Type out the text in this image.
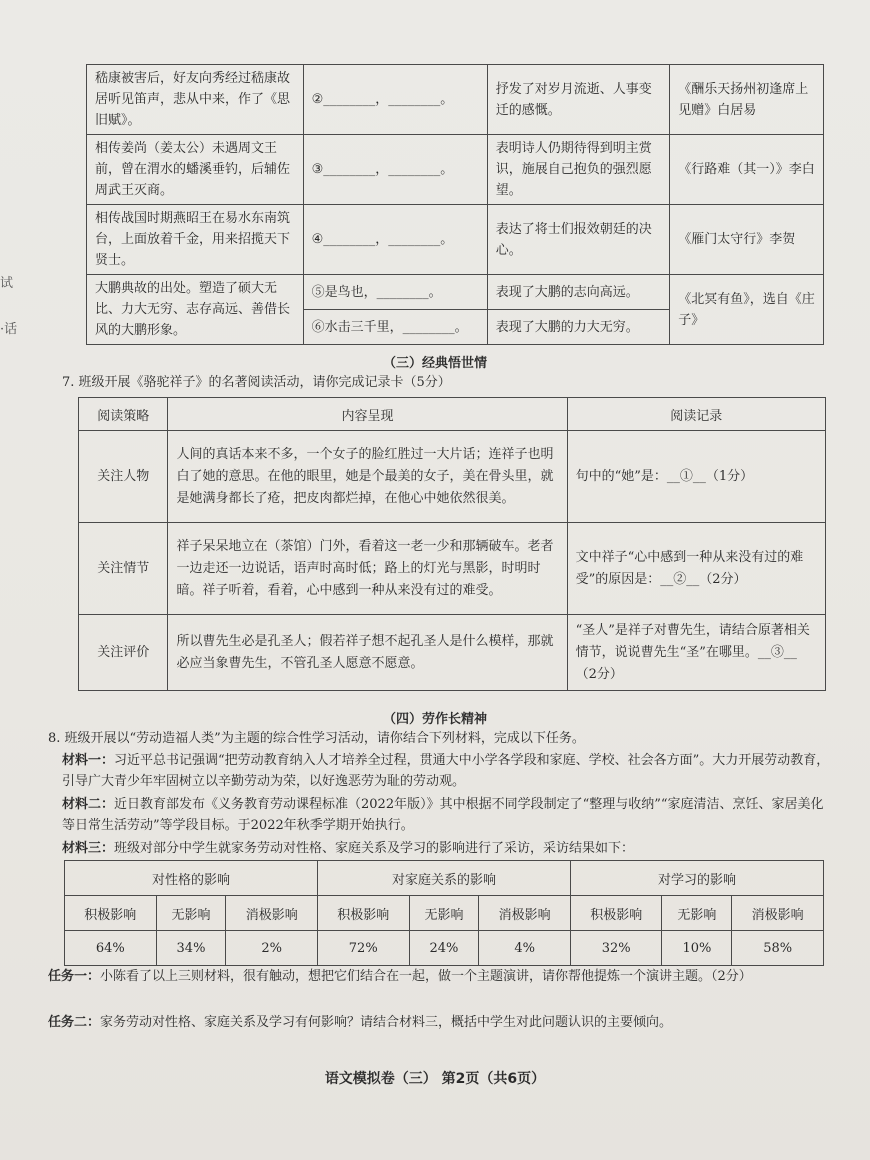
试
·话
嵇康被害后，好友向秀经过嵇康故居听见笛声，悲从中来，作了《思旧赋》。	②________，________。	抒发了对岁月流逝、人事变迁的感慨。	《酬乐天扬州初逢席上见赠》白居易
相传姜尚（姜太公）未遇周文王前，曾在渭水的蟠溪垂钓，后辅佐周武王灭商。	③________，________。	表明诗人仍期待得到明主赏识，施展自己抱负的强烈愿望。	《行路难（其一）》李白
相传战国时期燕昭王在易水东南筑台，上面放着千金，用来招揽天下贤士。	④________，________。	表达了将士们报效朝廷的决心。	《雁门太守行》李贺
大鹏典故的出处。塑造了硕大无比、力大无穷、志存高远、善借长风的大鹏形象。	⑤是鸟也，________。	表现了大鹏的志向高远。	《北冥有鱼》，选自《庄子》
	⑥水击三千里，________。	表现了大鹏的力大无穷。	
（三）经典悟世情
7. 班级开展《骆驼祥子》的名著阅读活动，请你完成记录卡（5分）
阅读策略	内容呈现	阅读记录
关注人物	人间的真话本来不多，一个女子的脸红胜过一大片话；连祥子也明白了她的意思。在他的眼里，她是个最美的女子，美在骨头里，就是她满身都长了疮，把皮肉都烂掉，在他心中她依然很美。	句中的“她”是：__①__（1分）
关注情节	祥子呆呆地立在（茶馆）门外，看着这一老一少和那辆破车。老者一边走还一边说话，语声时高时低；路上的灯光与黑影，时明时暗。祥子听着，看着，心中感到一种从来没有过的难受。	文中祥子“心中感到一种从来没有过的难受”的原因是：__②__（2分）
关注评价	所以曹先生必是孔圣人；假若祥子想不起孔圣人是什么模样，那就必应当象曹先生，不管孔圣人愿意不愿意。	“圣人”是祥子对曹先生，请结合原著相关情节，说说曹先生“圣”在哪里。__③__（2分）
（四）劳作长精神
8. 班级开展以“劳动造福人类”为主题的综合性学习活动，请你结合下列材料，完成以下任务。
材料一：习近平总书记强调“把劳动教育纳入人才培养全过程，贯通大中小学各学段和家庭、学校、社会各方面”。大力开展劳动教育，引导广大青少年牢固树立以辛勤劳动为荣，以好逸恶劳为耻的劳动观。
材料二：近日教育部发布《义务教育劳动课程标准（2022年版）》其中根据不同学段制定了“整理与收纳”“家庭清洁、烹饪、家居美化等日常生活劳动”等学段目标。于2022年秋季学期开始执行。
材料三：班级对部分中学生就家务劳动对性格、家庭关系及学习的影响进行了采访，采访结果如下：
对性格的影响			对家庭关系的影响			对学习的影响		
积极影响	无影响	消极影响	积极影响	无影响	消极影响	积极影响	无影响	消极影响
64%	34%	2%	72%	24%	4%	32%	10%	58%
任务一：小陈看了以上三则材料，很有触动，想把它们结合在一起，做一个主题演讲，请你帮他提炼一个演讲主题。（2分）
任务二：家务劳动对性格、家庭关系及学习有何影响？请结合材料三，概括中学生对此问题认识的主要倾向。
语文模拟卷（三） 第2页（共6页）
